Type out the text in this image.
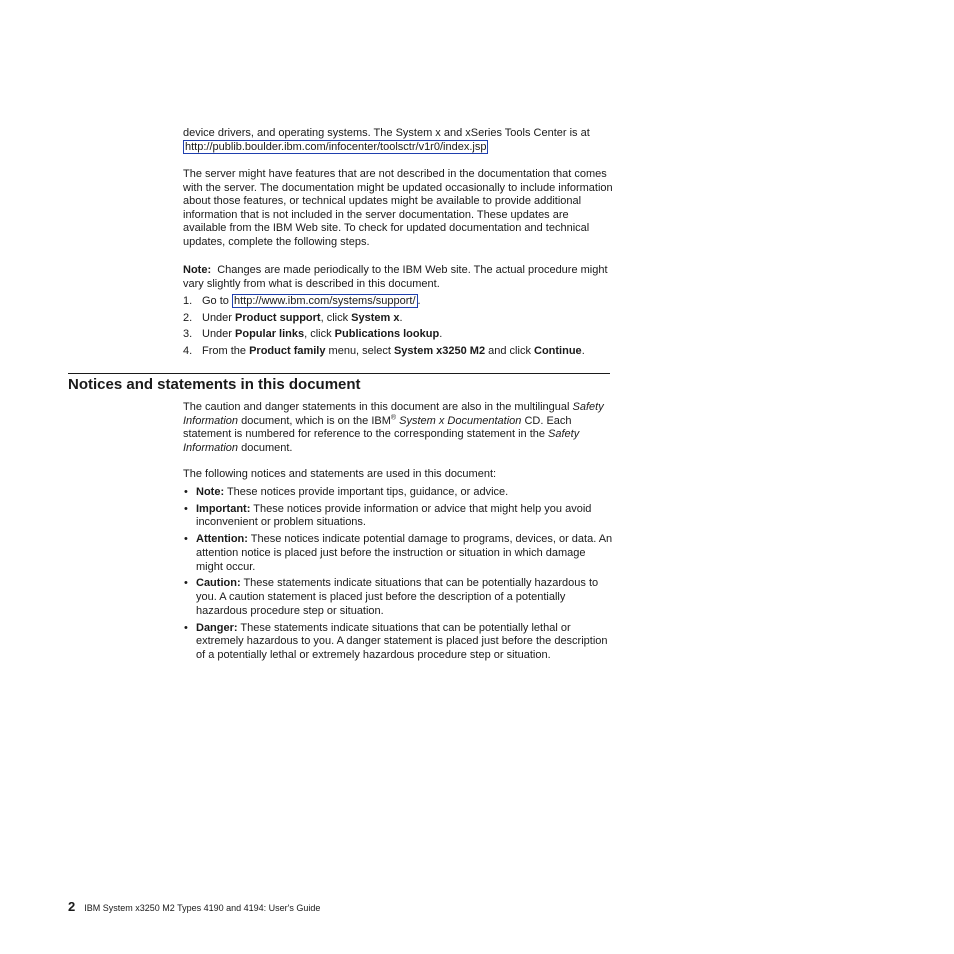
device drivers, and operating systems. The System x and xSeries Tools Center is at
http://publib.boulder.ibm.com/infocenter/toolsctr/v1r0/index.jsp

The server might have features that are not described in the documentation that comes with the server. The documentation might be updated occasionally to include information about those features, or technical updates might be available to provide additional information that is not included in the server documentation. These updates are available from the IBM Web site. To check for updated documentation and technical updates, complete the following steps.

Note: Changes are made periodically to the IBM Web site. The actual procedure might vary slightly from what is described in this document.

1. Go to http://www.ibm.com/systems/support/ .
2. Under Product support, click System x.
3. Under Popular links, click Publications lookup.
4. From the Product family menu, select System x3250 M2 and click Continue.
Notices and statements in this document

The caution and danger statements in this document are also in the multilingual Safety Information document, which is on the IBM® System x Documentation CD. Each statement is numbered for reference to the corresponding statement in the Safety Information document.

The following notices and statements are used in this document:

• Note: These notices provide important tips, guidance, or advice.
• Important: These notices provide information or advice that might help you avoid inconvenient or problem situations.
• Attention: These notices indicate potential damage to programs, devices, or data. An attention notice is placed just before the instruction or situation in which damage might occur.
• Caution: These statements indicate situations that can be potentially hazardous to you. A caution statement is placed just before the description of a potentially hazardous procedure step or situation.
• Danger: These statements indicate situations that can be potentially lethal or extremely hazardous to you. A danger statement is placed just before the description of a potentially lethal or extremely hazardous procedure step or situation.
2 IBM System x3250 M2 Types 4190 and 4194: User's Guide
